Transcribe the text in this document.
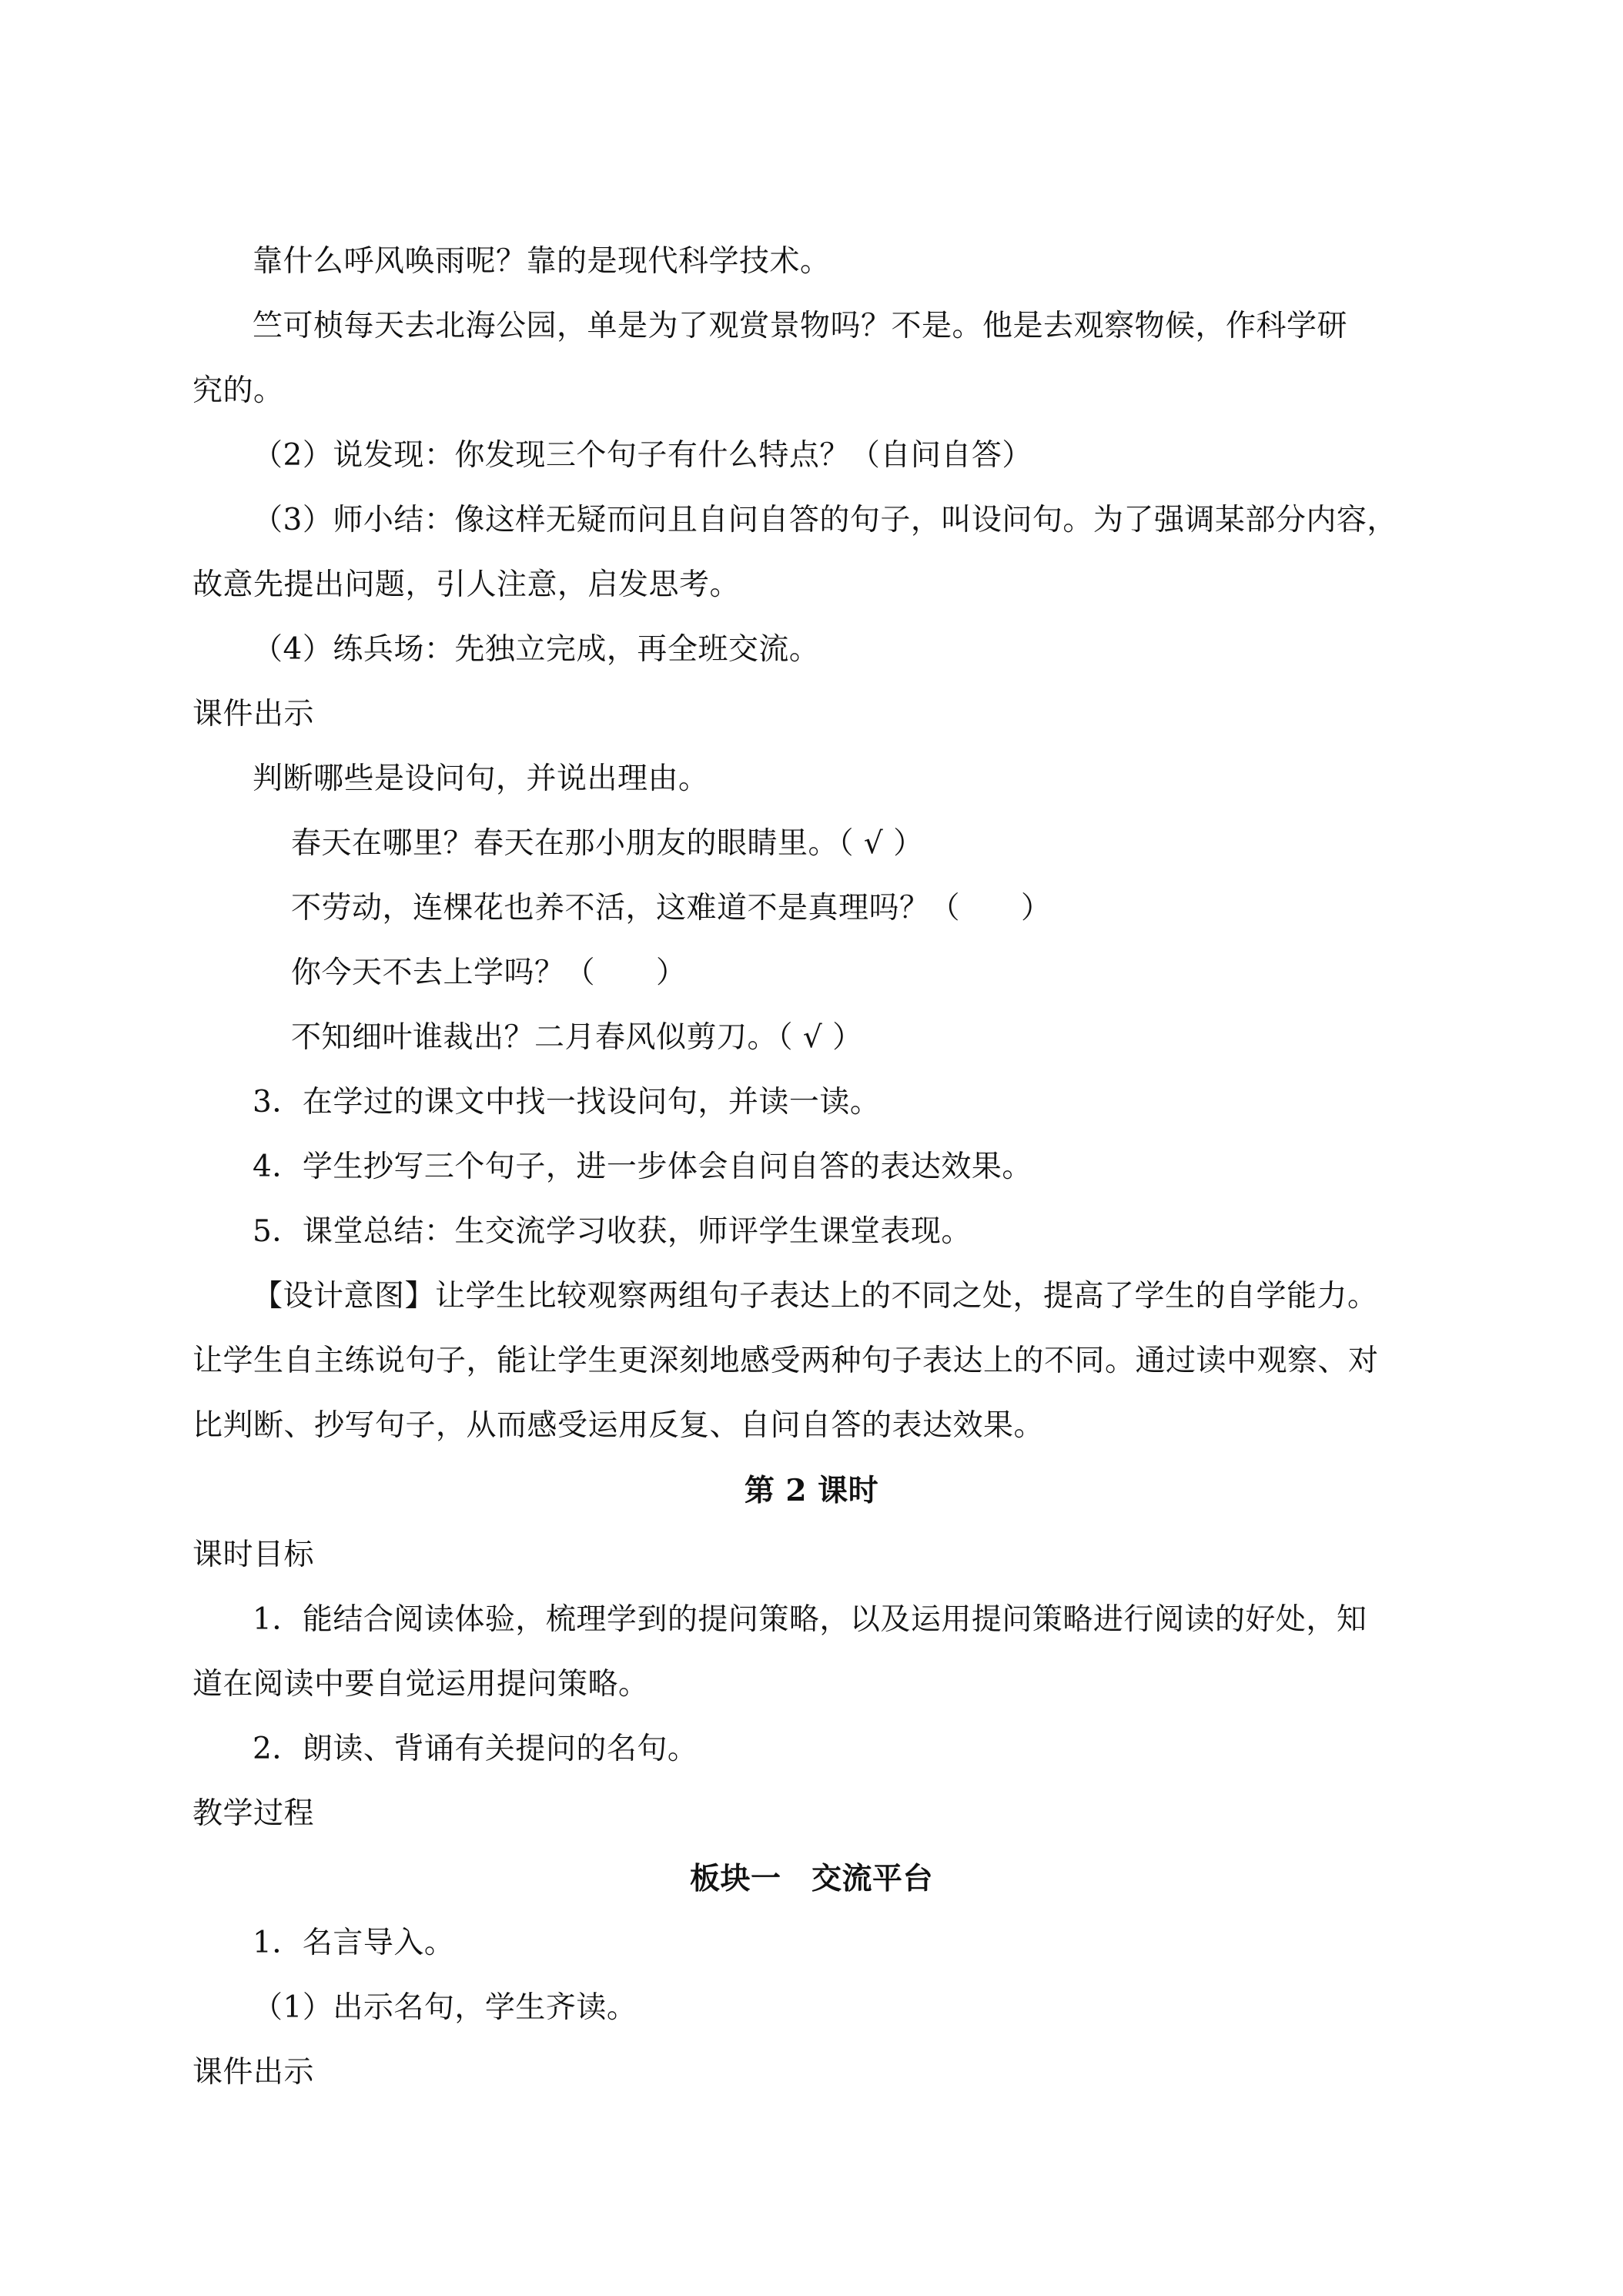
靠什么呼风唤雨呢？靠的是现代科学技术。
竺可桢每天去北海公园，单是为了观赏景物吗？不是。他是去观察物候，作科学研
究的。
（2）说发现：你发现三个句子有什么特点？（自问自答）
（3）师小结：像这样无疑而问且自问自答的句子，叫设问句。为了强调某部分内容，
故意先提出问题，引人注意，启发思考。
（4）练兵场：先独立完成，再全班交流。
课件出示
判断哪些是设问句，并说出理由。
春天在哪里？春天在那小朋友的眼睛里。（ √ ）
不劳动，连棵花也养不活，这难道不是真理吗？（　　）
你今天不去上学吗？（　　）
不知细叶谁裁出？二月春风似剪刀。（ √ ）
3．在学过的课文中找一找设问句，并读一读。
4．学生抄写三个句子，进一步体会自问自答的表达效果。
5．课堂总结：生交流学习收获，师评学生课堂表现。
【设计意图】让学生比较观察两组句子表达上的不同之处，提高了学生的自学能力。
让学生自主练说句子，能让学生更深刻地感受两种句子表达上的不同。通过读中观察、对
比判断、抄写句子，从而感受运用反复、自问自答的表达效果。
第 2 课时
课时目标
1．能结合阅读体验，梳理学到的提问策略，以及运用提问策略进行阅读的好处，知
道在阅读中要自觉运用提问策略。
2．朗读、背诵有关提问的名句。
教学过程
板块一　交流平台
1．名言导入。
（1）出示名句，学生齐读。
课件出示
